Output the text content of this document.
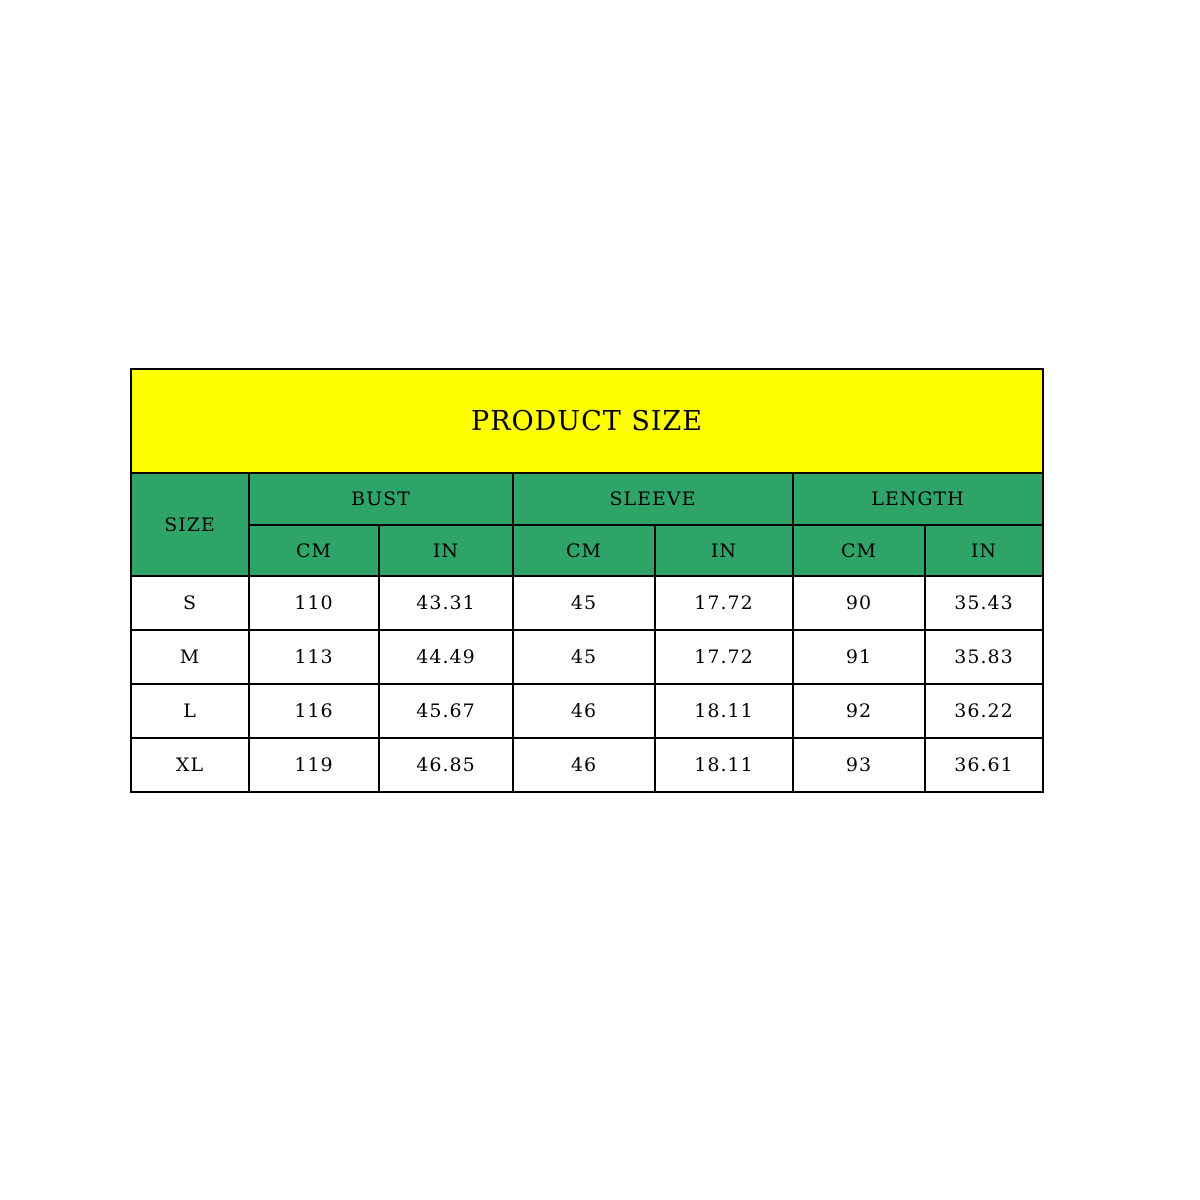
PRODUCT SIZE						
SIZE	BUST		SLEEVE		LENGTH	
	CM	IN	CM	IN	CM	IN
S	110	43.31	45	17.72	90	35.43
M	113	44.49	45	17.72	91	35.83
L	116	45.67	46	18.11	92	36.22
XL	119	46.85	46	18.11	93	36.61
